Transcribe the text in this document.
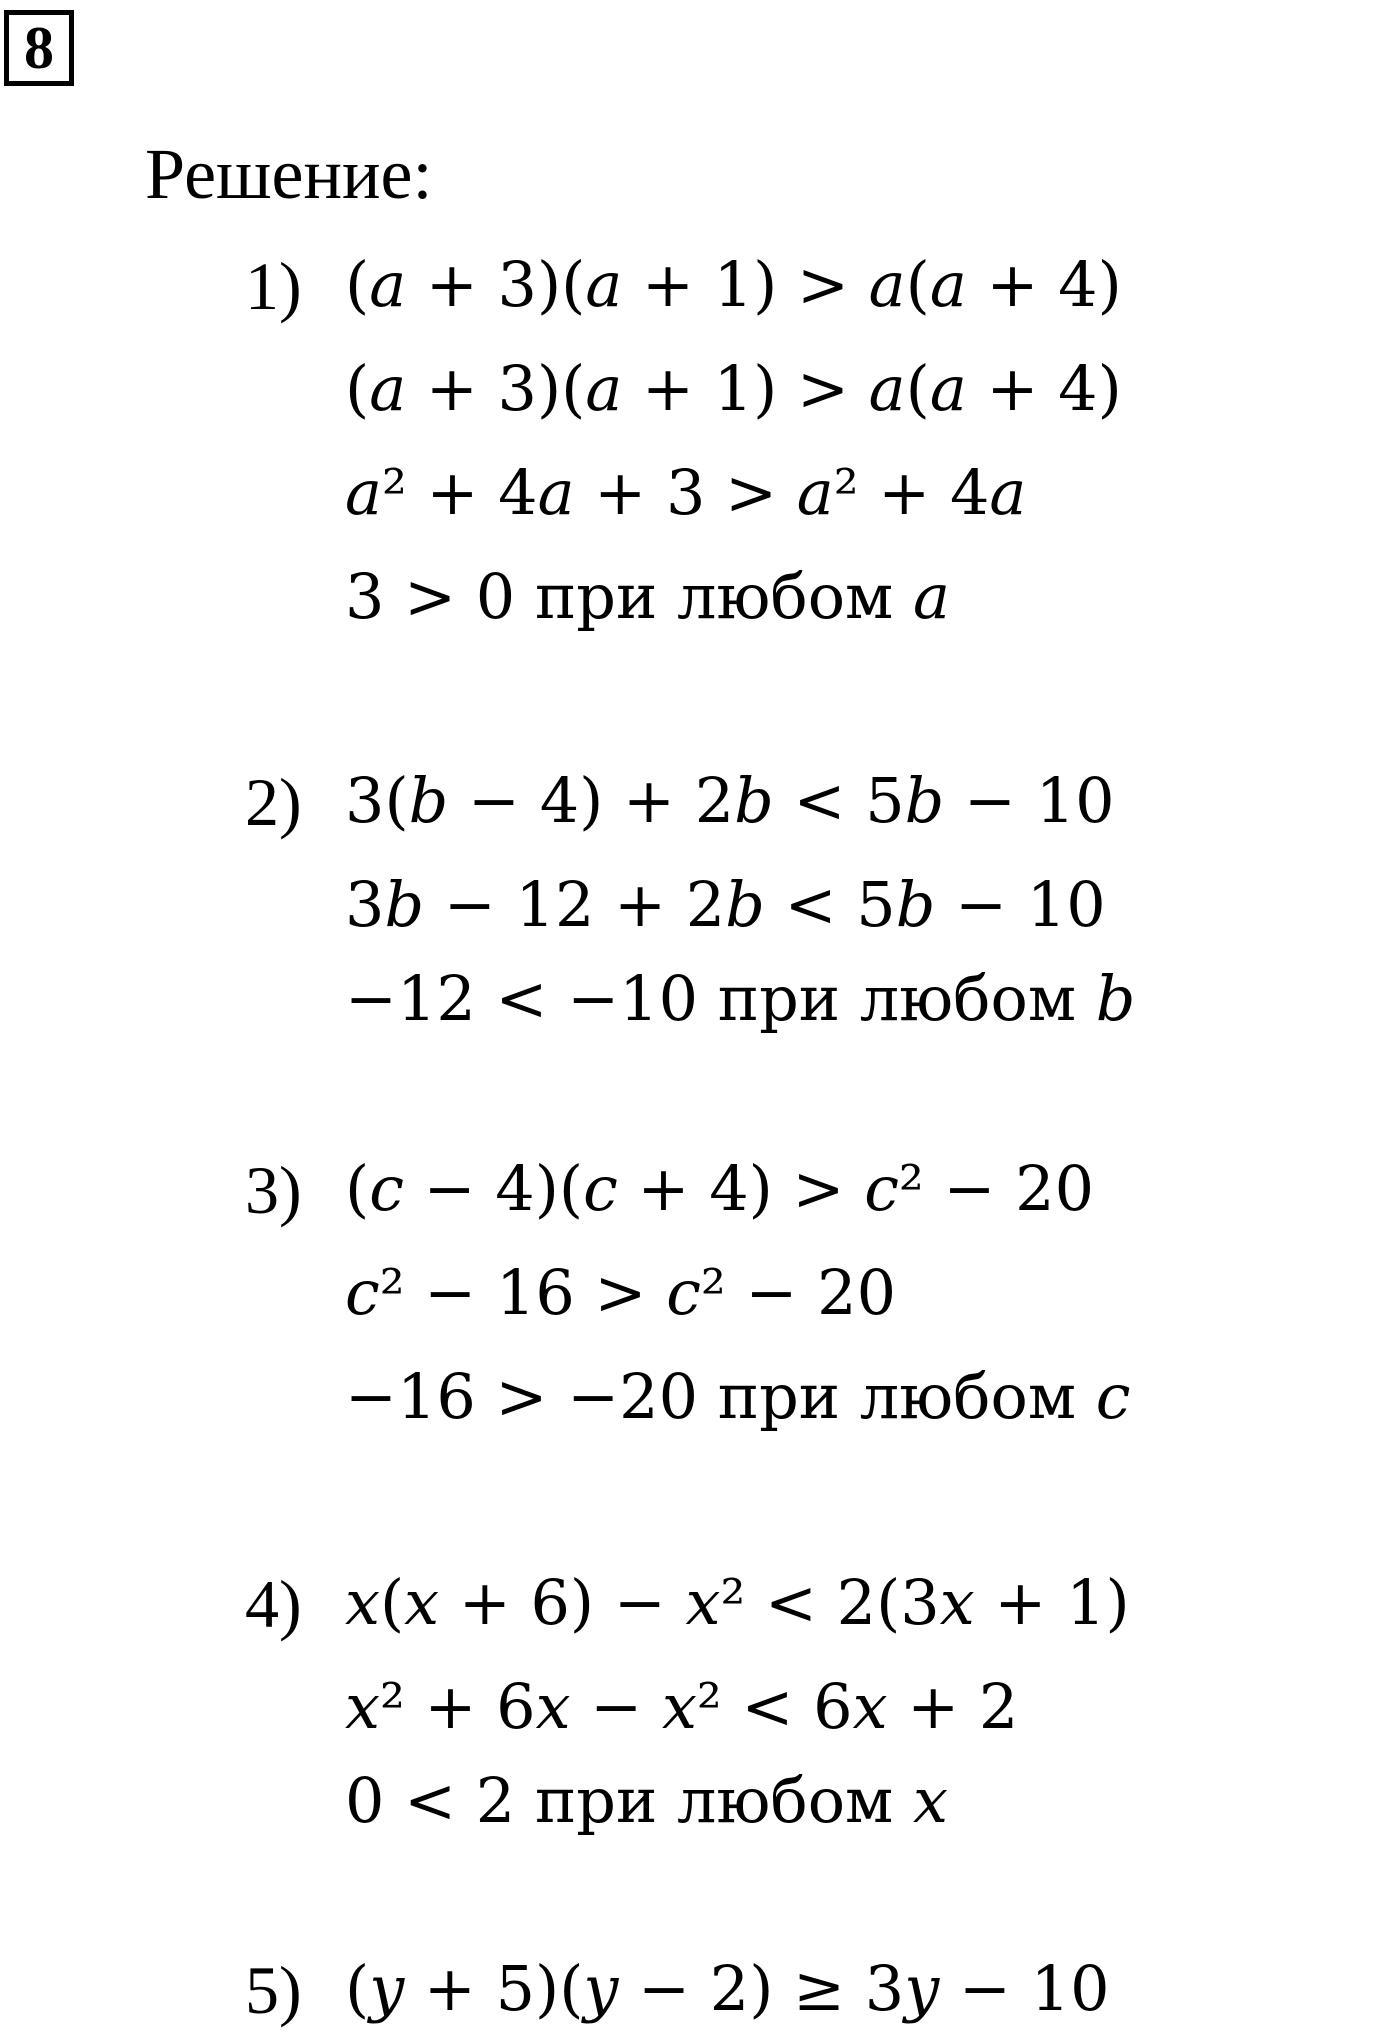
8
Решение:
1) (𝑎 + 3)(𝑎 + 1) > 𝑎(𝑎 + 4)
(𝑎 + 3)(𝑎 + 1) > 𝑎(𝑎 + 4)
𝑎² + 4𝑎 + 3 > 𝑎² + 4𝑎
3 > 0 при любом 𝑎
2) 3(𝑏 − 4) + 2𝑏 < 5𝑏 − 10
3𝑏 − 12 + 2𝑏 < 5𝑏 − 10
−12 < −10 при любом 𝑏
3) (𝑐 − 4)(𝑐 + 4) > 𝑐² − 20
𝑐² − 16 > 𝑐² − 20
−16 > −20 при любом 𝑐
4) 𝑥(𝑥 + 6) − 𝑥² < 2(3𝑥 + 1)
𝑥² + 6𝑥 − 𝑥² < 6𝑥 + 2
0 < 2 при любом 𝑥
5) (𝑦 + 5)(𝑦 − 2) ≥ 3𝑦 − 10
